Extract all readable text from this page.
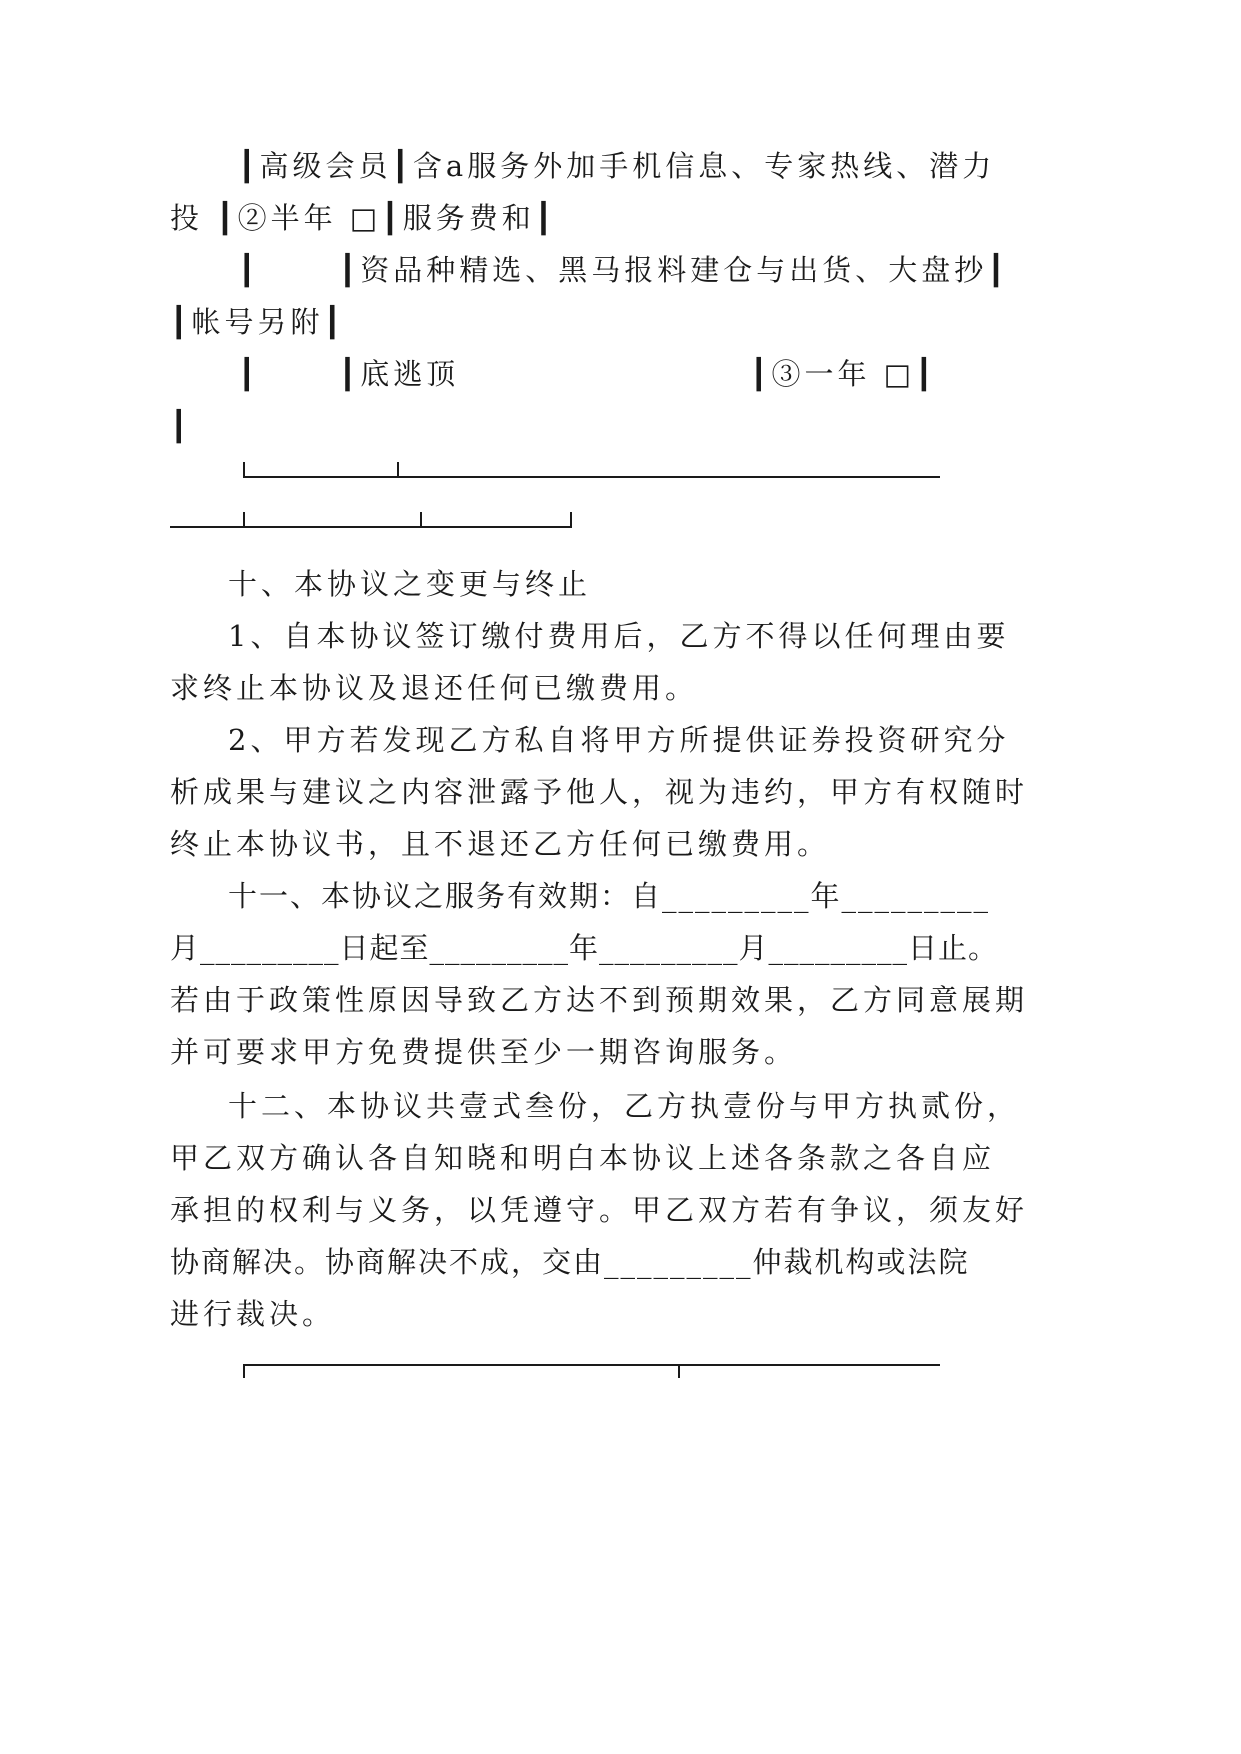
┃高级会员┃含a服务外加手机信息、专家热线、潜力
投 ┃②半年 □┃服务费和┃
┃      ┃资品种精选、黑马报料建仓与出货、大盘抄┃
┃帐号另附┃
┃      ┃底逃顶                      ┃③一年 □┃
┃
十、本协议之变更与终止
1、自本协议签订缴付费用后，乙方不得以任何理由要
求终止本协议及退还任何已缴费用。
2、甲方若发现乙方私自将甲方所提供证券投资研究分
析成果与建议之内容泄露予他人，视为违约，甲方有权随时
终止本协议书，且不退还乙方任何已缴费用。
十一、本协议之服务有效期：自_________年_________
月_________日起至_________年_________月_________日止。
若由于政策性原因导致乙方达不到预期效果，乙方同意展期
并可要求甲方免费提供至少一期咨询服务。
十二、本协议共壹式叁份，乙方执壹份与甲方执贰份，
甲乙双方确认各自知晓和明白本协议上述各条款之各自应
承担的权利与义务，以凭遵守。甲乙双方若有争议，须友好
协商解决。协商解决不成，交由_________仲裁机构或法院
进行裁决。
